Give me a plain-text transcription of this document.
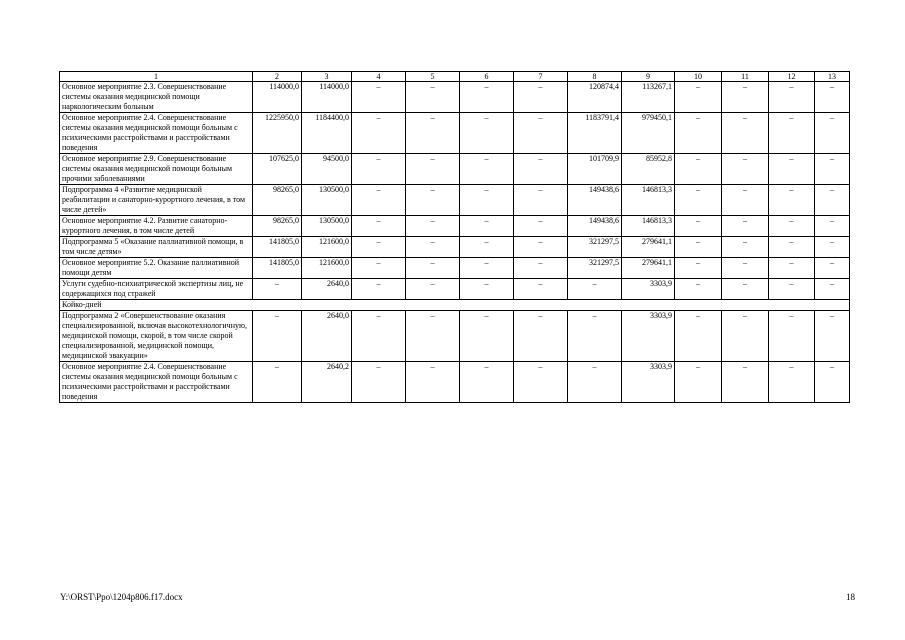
1	2	3	4	5	6	7	8	9	10	11	12	13
Основное мероприятие 2.3. Совершенствование системы оказания медицинской помощи наркологическим больным	114000,0	114000,0	–	–	–	–	120874,4	113267,1	–	–	–	–
Основное мероприятие 2.4. Совершенствование системы оказания медицинской помощи больным с психическими расстройствами и расстройствами поведения	1225950,0	1184400,0	–	–	–	–	1183791,4	979450,1	–	–	–	–
Основное мероприятие 2.9. Совершенствование системы оказания медицинской помощи больным прочими заболеваниями	107625,0	94500,0	–	–	–	–	101709,9	85952,8	–	–	–	–
Подпрограмма 4 «Развитие медицинской реабилитации и санаторно-курортного лечения, в том числе детей»	98265,0	130500,0	–	–	–	–	149438,6	146813,3	–	–	–	–
Основное мероприятие 4.2. Развитие санаторно-курортного лечения, в том числе детей	98265,0	130500,0	–	–	–	–	149438,6	146813,3	–	–	–	–
Подпрограмма 5 «Оказание паллиативной помощи, в том числе детям»	141805,0	121600,0	–	–	–	–	321297,5	279641,1	–	–	–	–
Основное мероприятие 5.2. Оказание паллиативной помощи детям	141805,0	121600,0	–	–	–	–	321297,5	279641,1	–	–	–	–
Услуги судебно-психиатрической экспертизы лиц, не содержащихся под стражей	–	2640,0	–	–	–	–	–	3303,9	–	–	–	–
Койко-дней												
Подпрограмма 2 «Совершенствование оказания специализированной, включая высокотехнологичную, медицинской помощи, скорой, в том числе скорой специализированной, медицинской помощи, медицинской эвакуации»	–	2640,0	–	–	–	–	–	3303,9	–	–	–	–
Основное мероприятие 2.4. Совершенствование системы оказания медицинской помощи больным с психическими расстройствами и расстройствами поведения	–	2640,2	–	–	–	–	–	3303,9	–	–	–	–
Y:\ORST\Ppo\1204p806.f17.docx	18
